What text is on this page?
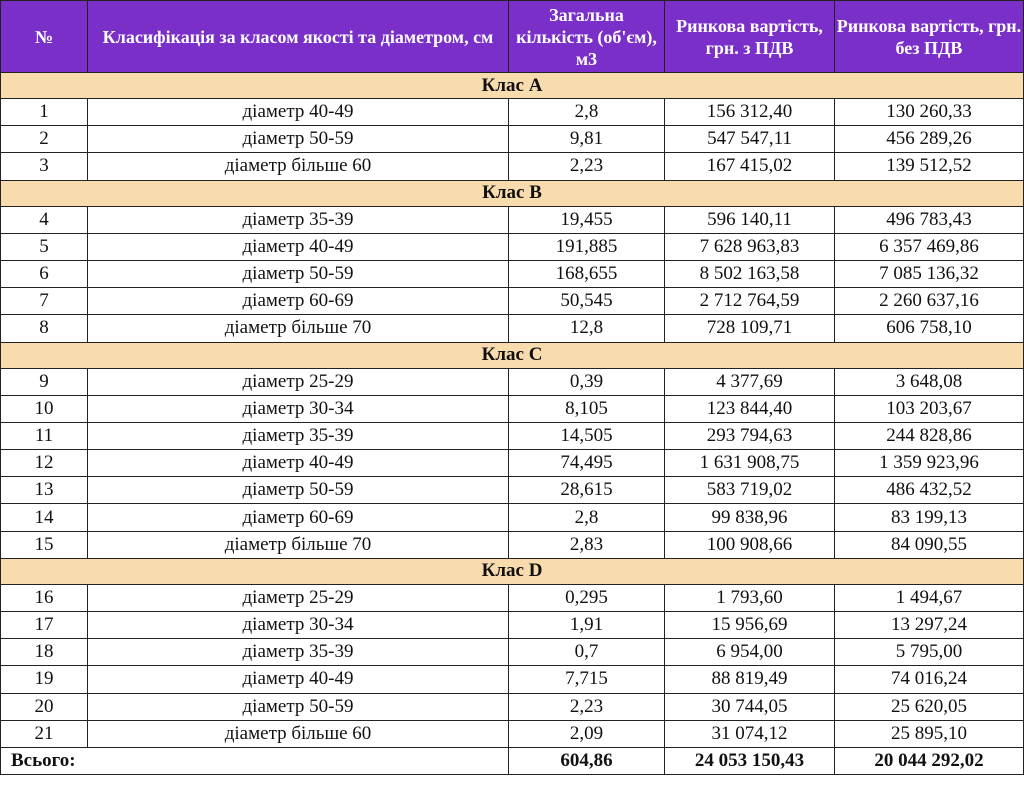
№	Класифікація за класом якості та діаметром, см	Загальна кількість (об'єм), м3	Ринкова вартість, грн. з ПДВ	Ринкова вартість, грн. без ПДВ
Клас А				
1	діаметр 40-49	2,8	156 312,40	130 260,33
2	діаметр 50-59	9,81	547 547,11	456 289,26
3	діаметр більше 60	2,23	167 415,02	139 512,52
Клас В				
4	діаметр 35-39	19,455	596 140,11	496 783,43
5	діаметр 40-49	191,885	7 628 963,83	6 357 469,86
6	діаметр 50-59	168,655	8 502 163,58	7 085 136,32
7	діаметр 60-69	50,545	2 712 764,59	2 260 637,16
8	діаметр більше 70	12,8	728 109,71	606 758,10
Клас С				
9	діаметр 25-29	0,39	4 377,69	3 648,08
10	діаметр 30-34	8,105	123 844,40	103 203,67
11	діаметр 35-39	14,505	293 794,63	244 828,86
12	діаметр 40-49	74,495	1 631 908,75	1 359 923,96
13	діаметр 50-59	28,615	583 719,02	486 432,52
14	діаметр 60-69	2,8	99 838,96	83 199,13
15	діаметр більше 70	2,83	100 908,66	84 090,55
Клас D				
16	діаметр 25-29	0,295	1 793,60	1 494,67
17	діаметр 30-34	1,91	15 956,69	13 297,24
18	діаметр 35-39	0,7	6 954,00	5 795,00
19	діаметр 40-49	7,715	88 819,49	74 016,24
20	діаметр 50-59	2,23	30 744,05	25 620,05
21	діаметр більше 60	2,09	31 074,12	25 895,10
Всього:		604,86	24 053 150,43	20 044 292,02
